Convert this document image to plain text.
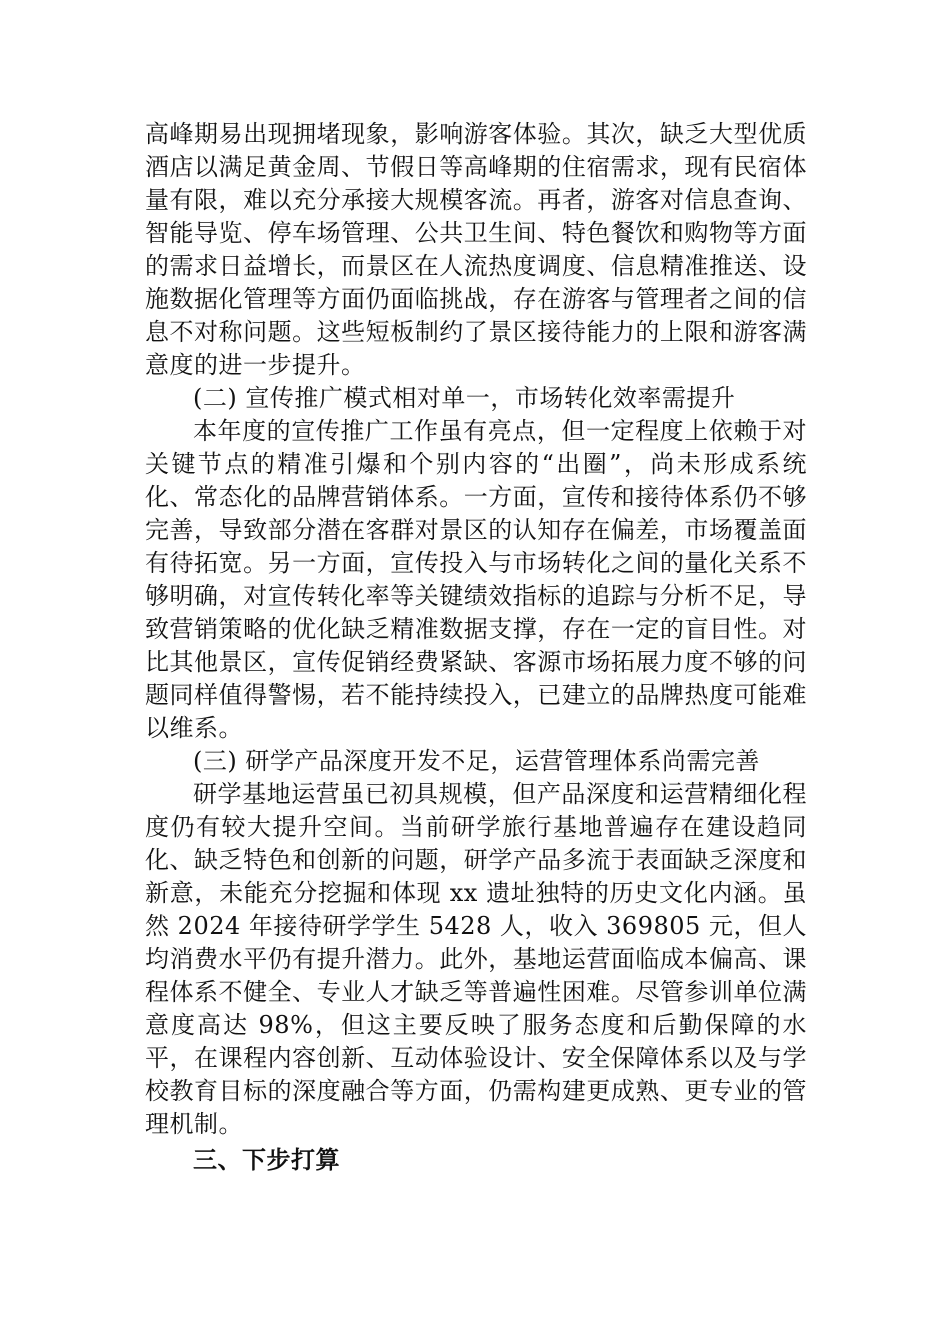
高峰期易出现拥堵现象，影响游客体验。其次，缺乏大型优质酒店以满足黄金周、节假日等高峰期的住宿需求，现有民宿体量有限，难以充分承接大规模客流。再者，游客对信息查询、智能导览、停车场管理、公共卫生间、特色餐饮和购物等方面的需求日益增长，而景区在人流热度调度、信息精准推送、设施数据化管理等方面仍面临挑战，存在游客与管理者之间的信息不对称问题。这些短板制约了景区接待能力的上限和游客满意度的进一步提升。

(二) 宣传推广模式相对单一，市场转化效率需提升

本年度的宣传推广工作虽有亮点，但一定程度上依赖于对关键节点的精准引爆和个别内容的“出圈”，尚未形成系统化、常态化的品牌营销体系。一方面，宣传和接待体系仍不够完善，导致部分潜在客群对景区的认知存在偏差，市场覆盖面有待拓宽。另一方面，宣传投入与市场转化之间的量化关系不够明确，对宣传转化率等关键绩效指标的追踪与分析不足，导致营销策略的优化缺乏精准数据支撑，存在一定的盲目性。对比其他景区，宣传促销经费紧缺、客源市场拓展力度不够的问题同样值得警惕，若不能持续投入，已建立的品牌热度可能难以维系。

(三) 研学产品深度开发不足，运营管理体系尚需完善

研学基地运营虽已初具规模，但产品深度和运营精细化程度仍有较大提升空间。当前研学旅行基地普遍存在建设趋同化、缺乏特色和创新的问题，研学产品多流于表面缺乏深度和新意，未能充分挖掘和体现 xx 遗址独特的历史文化内涵。虽然 2024 年接待研学学生 5428 人，收入 369805 元，但人均消费水平仍有提升潜力。此外，基地运营面临成本偏高、课程体系不健全、专业人才缺乏等普遍性困难。尽管参训单位满意度高达 98%，但这主要反映了服务态度和后勤保障的水平，在课程内容创新、互动体验设计、安全保障体系以及与学校教育目标的深度融合等方面，仍需构建更成熟、更专业的管理机制。

三、下步打算
